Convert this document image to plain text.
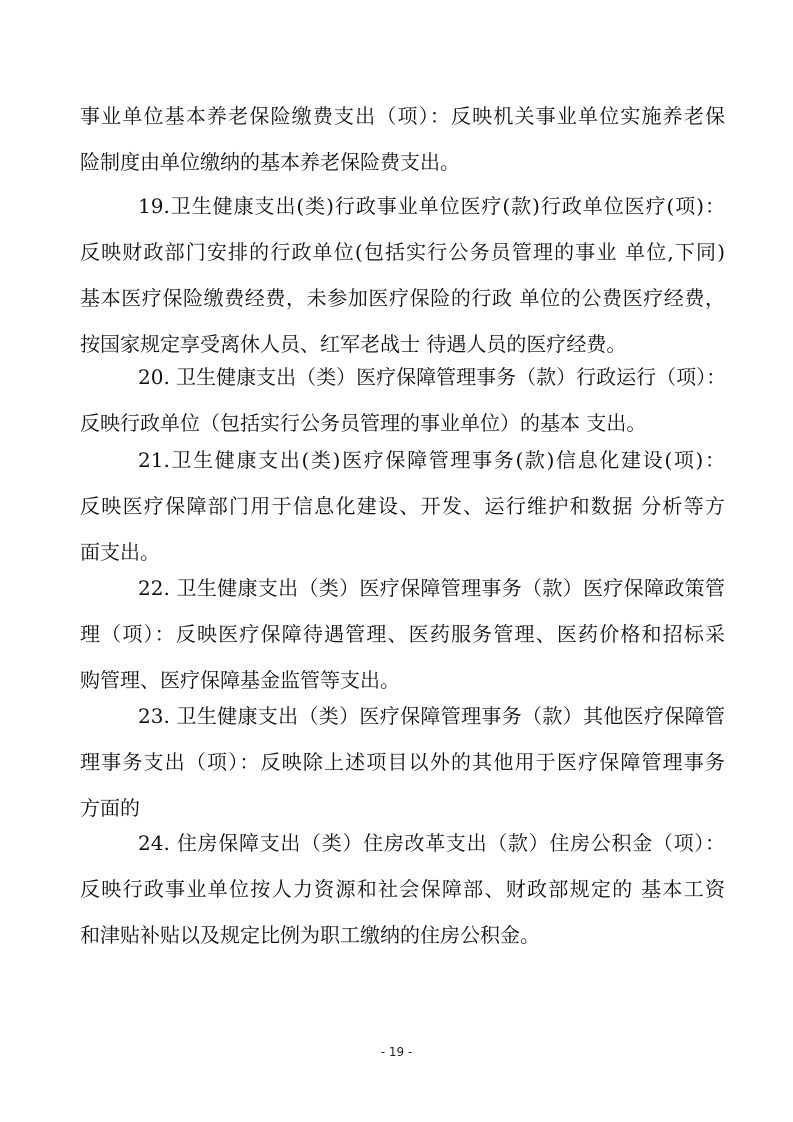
事业单位基本养老保险缴费支出（项）：反映机关事业单位实施养老保
险制度由单位缴纳的基本养老保险费支出。
19.卫生健康支出(类)行政事业单位医疗(款)行政单位医疗(项)：
反映财政部门安排的行政单位(包括实行公务员管理的事业 单位,下同)
基本医疗保险缴费经费，未参加医疗保险的行政 单位的公费医疗经费，
按国家规定享受离休人员、红军老战士 待遇人员的医疗经费。
20. 卫生健康支出（类）医疗保障管理事务（款）行政运行（项）：
反映行政单位（包括实行公务员管理的事业单位）的基本 支出。
21.卫生健康支出(类)医疗保障管理事务(款)信息化建设(项)：
反映医疗保障部门用于信息化建设、开发、运行维护和数据 分析等方
面支出。
22. 卫生健康支出（类）医疗保障管理事务（款）医疗保障政策管
理（项）：反映医疗保障待遇管理、医药服务管理、医药价格和招标采
购管理、医疗保障基金监管等支出。
23. 卫生健康支出（类）医疗保障管理事务（款）其他医疗保障管
理事务支出（项）：反映除上述项目以外的其他用于医疗保障管理事务
方面的
24. 住房保障支出（类）住房改革支出（款）住房公积金（项）：
反映行政事业单位按人力资源和社会保障部、财政部规定的 基本工资
和津贴补贴以及规定比例为职工缴纳的住房公积金。
- 19 -
